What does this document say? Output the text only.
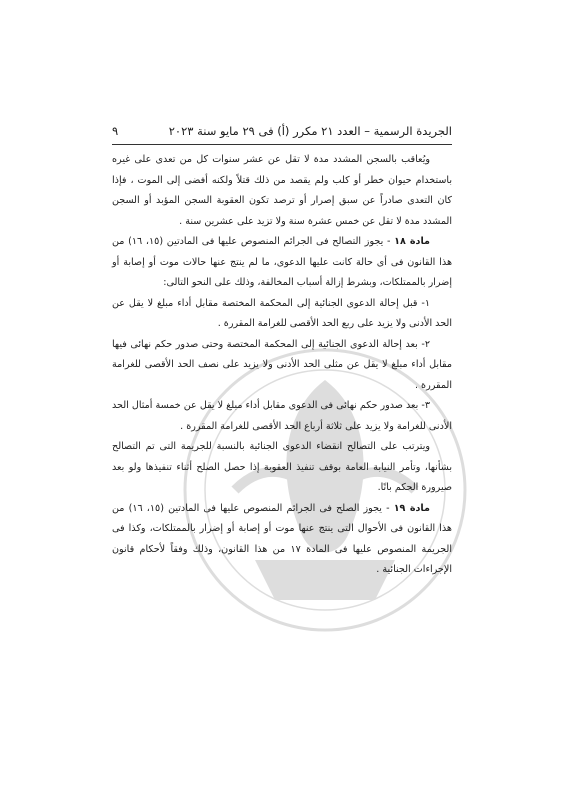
الجريدة الرسمية – العدد ٢١ مكرر (أ) فى ٢٩ مايو سنة ٢٠٢٣
٩

ويُعاقب بالسجن المشدد مدة لا تقل عن عشر سنوات كل من تعدى على غيره باستخدام حيوان خطر أو كلب ولم يقصد من ذلك قتلاً ولكنه أفضى إلى الموت ، فإذا كان التعدى صادراً عن سبق إصرار أو ترصد تكون العقوبة السجن المؤبد أو السجن المشدد مدة لا تقل عن خمس عشرة سنة ولا تزيد على عشرين سنة .

مادة ١٨ - يجوز التصالح فى الجرائم المنصوص عليها فى المادتين (١٥، ١٦) من هذا القانون فى أى حالة كانت عليها الدعوى، ما لم ينتج عنها حالات موت أو إصابة أو إضرار بالممتلكات، وبشرط إزالة أسباب المخالفة، وذلك على النحو التالى:

١- قبل إحالة الدعوى الجنائية إلى المحكمة المختصة مقابل أداء مبلغ لا يقل عن الحد الأدنى ولا يزيد على ربع الحد الأقصى للغرامة المقررة .

٢- بعد إحالة الدعوى الجنائية إلى المحكمة المختصة وحتى صدور حكم نهائى فيها مقابل أداء مبلغ لا يقل عن مثلى الحد الأدنى ولا يزيد على نصف الحد الأقصى للغرامة المقررة .

٣- بعد صدور حكم نهائى فى الدعوى مقابل أداء مبلغ لا يقل عن خمسة أمثال الحد الأدنى للغرامة ولا يزيد على ثلاثة أرباع الحد الأقصى للغرامة المقررة .

ويترتب على التصالح انقضاء الدعوى الجنائية بالنسبة للجريمة التى تم التصالح بشأنها، وتأمر النيابة العامة بوقف تنفيذ العقوبة إذا حصل الصلح أثناء تنفيذها ولو بعد صيرورة الحكم باتًا.

مادة ١٩ - يجوز الصلح فى الجرائم المنصوص عليها فى المادتين (١٥، ١٦) من هذا القانون فى الأحوال التى ينتج عنها موت أو إصابة أو إضرار بالممتلكات، وكذا فى الجريمة المنصوص عليها فى المادة ١٧ من هذا القانون، وذلك وفقاً لأحكام قانون الإجراءات الجنائية .
